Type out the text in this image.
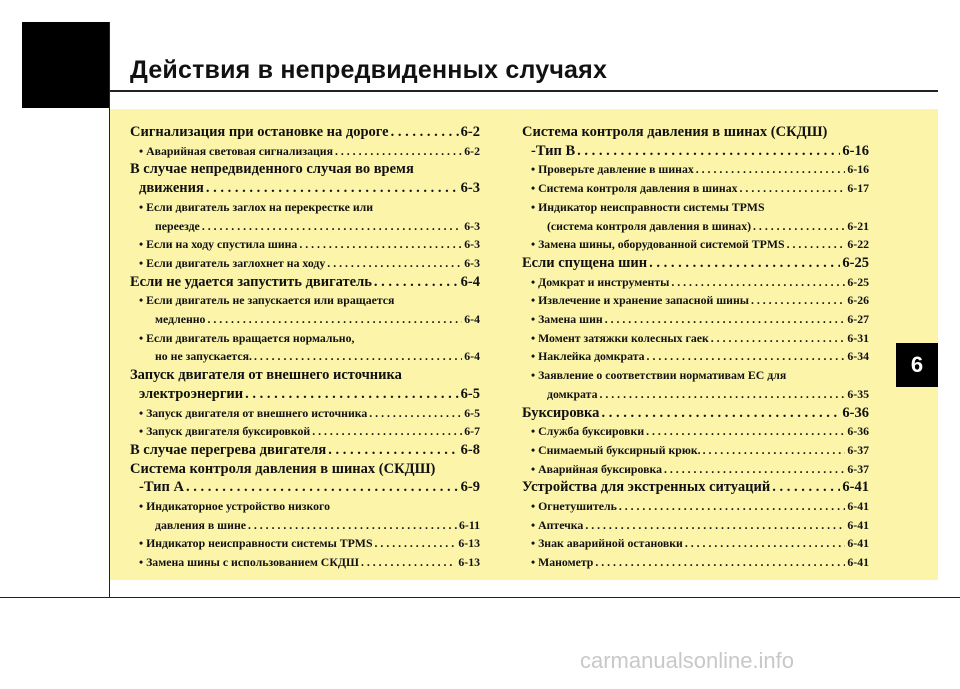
Действия в непредвиденных случаях
6
Сигнализация при остановке на дороге . . .	6-2
• Аварийная световая сигнализация . . .	6-2
В случае непредвиденного случая во время
движения . . .	6-3
• Если двигатель заглох на перекрестке или
переезде . . .	6-3
• Если на ходу спустила шина . . .	6-3
• Если двигатель заглохнет на ходу . . .	6-3
Если не удается запустить двигатель . . .	6-4
• Если двигатель не запускается или вращается
медленно . . .	6-4
• Если двигатель вращается нормально,
но не запускается. . . .	6-4
Запуск двигателя от внешнего источника
электроэнергии . . .	6-5
• Запуск двигателя от внешнего источника . . .	6-5
• Запуск двигателя буксировкой . . .	6-7
В случае перегрева двигателя . . .	6-8
Система контроля давления в шинах (СКДШ)
-Тип A . . .	6-9
• Индикаторное устройство низкого
давления в шине . . .	6-11
• Индикатор неисправности системы TPMS . . .	6-13
• Замена шины с использованием СКДШ . . .	6-13
Система контроля давления в шинах (СКДШ)
-Тип B . . .	6-16
• Проверьте давление в шинах . . .	6-16
• Система контроля давления в шинах . . .	6-17
• Индикатор неисправности системы TPMS
(система контроля давления в шинах) . . .	6-21
• Замена шины, оборудованной системой TPMS . . .	6-22
Если спущена шин . . .	6-25
• Домкрат и инструменты . . .	6-25
• Извлечение и хранение запасной шины . . .	6-26
• Замена шин . . .	6-27
• Момент затяжки колесных гаек . . .	6-31
• Наклейка домкрата . . .	6-34
• Заявление о соответствии нормативам ЕС для
домкрата . . .	6-35
Буксировка . . .	6-36
• Служба буксировки . . .	6-36
• Снимаемый буксирный крюк. . . .	6-37
• Аварийная буксировка . . .	6-37
Устройства для экстренных ситуаций . . .	6-41
• Огнетушитель . . .	6-41
• Аптечка . . .	6-41
• Знак аварийной остановки . . .	6-41
• Манометр . . .	6-41
carmanualsonline.info
